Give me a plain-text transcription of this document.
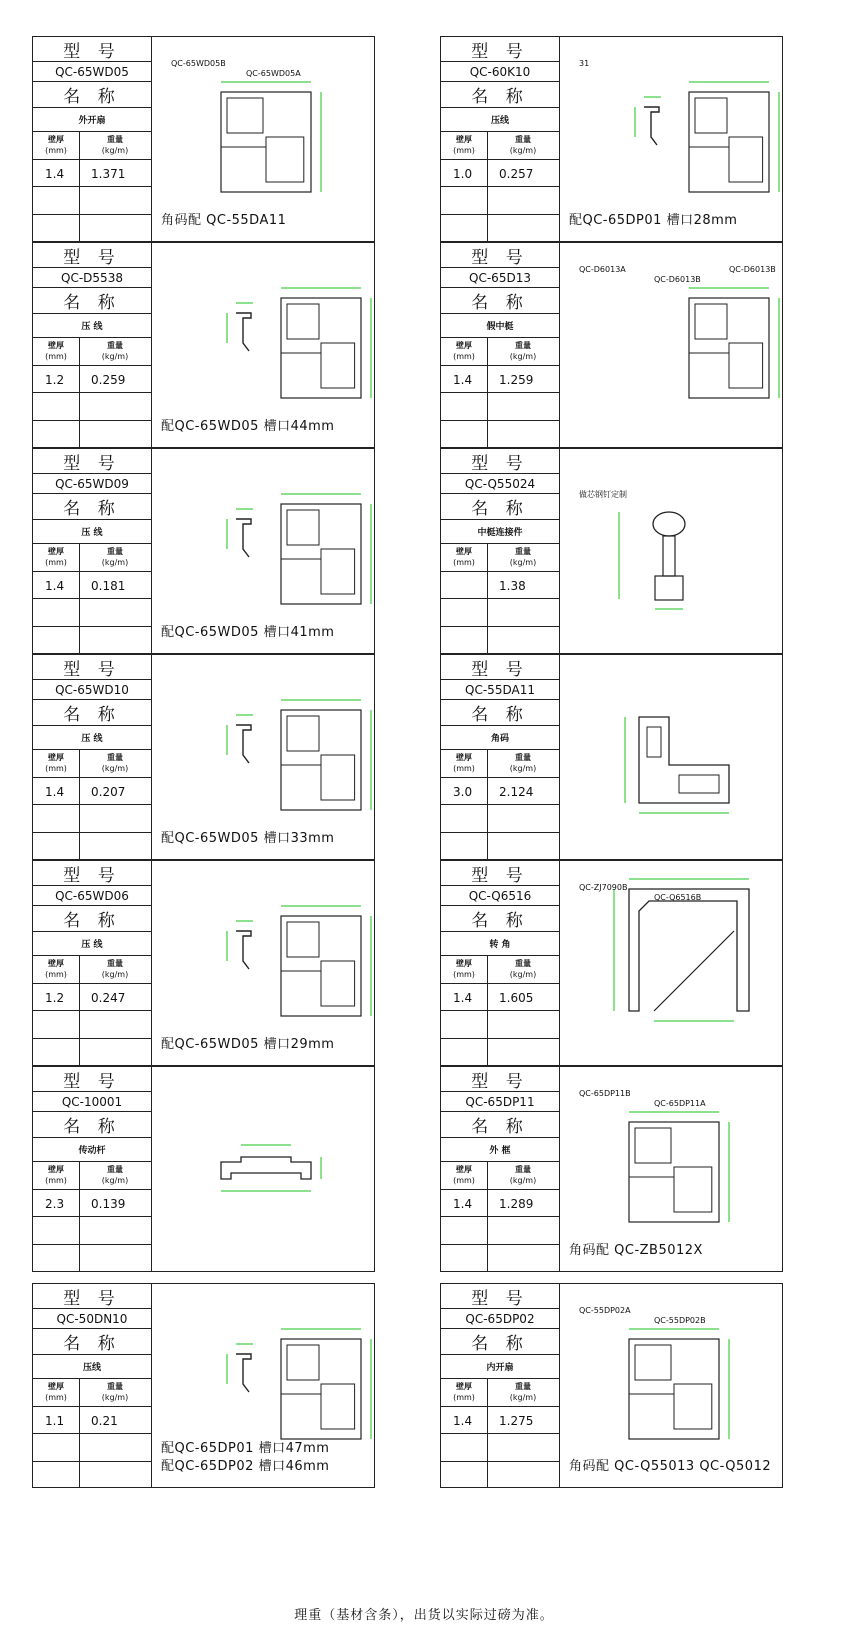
型 号
QC-65WD05
名 称
外开扇
壁厚
(mm)
重量
(kg/m)
1.4 1.371
QC-65WD05B
QC-65WD05A
角码配 QC-55DA11
型 号
QC-60K10
名 称
压线
壁厚
(mm)
重量
(kg/m)
1.0 0.257
31
配QC-65DP01 槽口28mm
型 号
QC-D5538
名 称
压 线
壁厚
(mm)
重量
(kg/m)
1.2 0.259
配QC-65WD05 槽口44mm
型 号
QC-65D13
名 称
假中梃
壁厚
(mm)
重量
(kg/m)
1.4 1.259
QC-D6013A
QC-D6013B
QC-D6013B
型 号
QC-65WD09
名 称
压 线
壁厚
(mm)
重量
(kg/m)
1.4 0.181
配QC-65WD05 槽口41mm
型 号
QC-Q55024
名 称
中梃连接件
壁厚
(mm)
重量
(kg/m)
1.38
做芯钢钉定制
型 号
QC-65WD10
名 称
压 线
壁厚
(mm)
重量
(kg/m)
1.4 0.207
配QC-65WD05 槽口33mm
型 号
QC-55DA11
名 称
角码
壁厚
(mm)
重量
(kg/m)
3.0 2.124
型 号
QC-65WD06
名 称
压 线
壁厚
(mm)
重量
(kg/m)
1.2 0.247
配QC-65WD05 槽口29mm
型 号
QC-Q6516
名 称
转 角
壁厚
(mm)
重量
(kg/m)
1.4 1.605
QC-ZJ7090B
QC-Q6516B
型 号
QC-10001
名 称
传动杆
壁厚
(mm)
重量
(kg/m)
2.3 0.139
型 号
QC-65DP11
名 称
外 框
壁厚
(mm)
重量
(kg/m)
1.4 1.289
QC-65DP11B
QC-65DP11A
角码配 QC-ZB5012X
型 号
QC-50DN10
名 称
压线
壁厚
(mm)
重量
(kg/m)
1.1 0.21
配QC-65DP01 槽口47mm
配QC-65DP02 槽口46mm
型 号
QC-65DP02
名 称
内开扇
壁厚
(mm)
重量
(kg/m)
1.4 1.275
QC-55DP02A
QC-55DP02B
角码配 QC-Q55013 QC-Q5012
理重（基材含条），出货以实际过磅为准。
